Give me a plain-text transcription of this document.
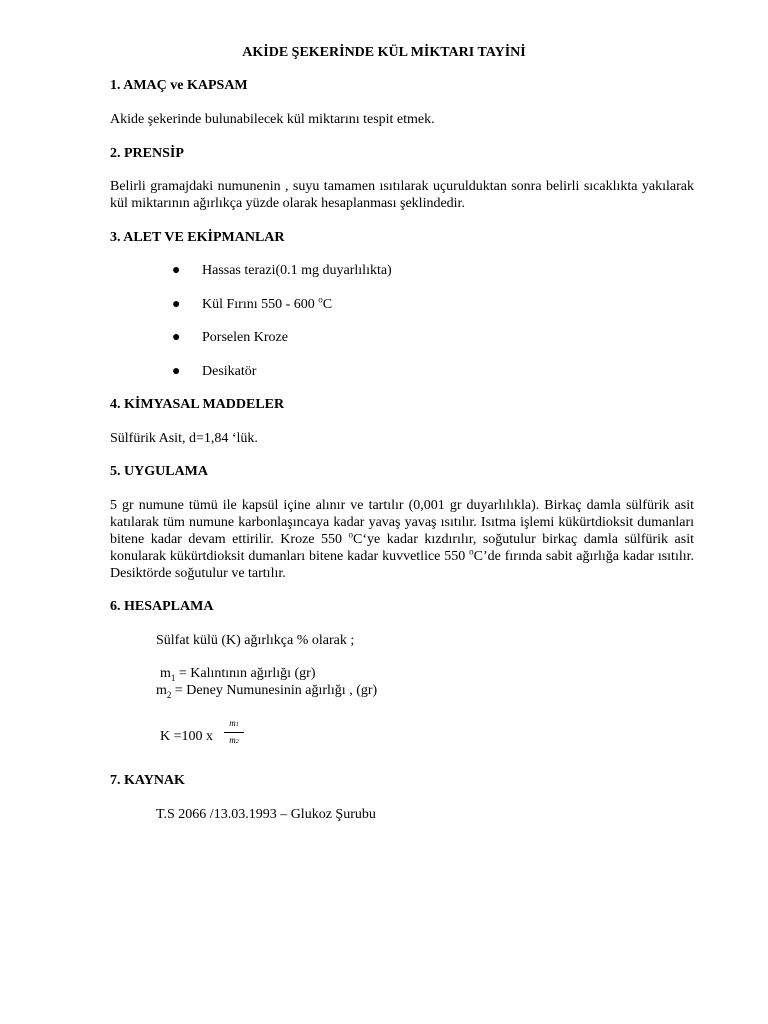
AKİDE ŞEKERİNDE KÜL MİKTARI TAYİNİ
1. AMAÇ ve KAPSAM
Akide şekerinde bulunabilecek kül miktarını tespit etmek.
2. PRENSİP
Belirli gramajdaki numunenin , suyu tamamen ısıtılarak uçurulduktan sonra belirli sıcaklıkta yakılarak kül miktarının ağırlıkça yüzde olarak hesaplanması şeklindedir.
3. ALET VE EKİPMANLAR
● Hassas terazi(0.1 mg duyarlılıkta)
● Kül Fırını 550 - 600 $^o$C
● Porselen Kroze
● Desikatör
4. KİMYASAL MADDELER
Sülfürik Asit, d=1,84 ‘lük.
5. UYGULAMA
5 gr numune tümü ile kapsül içine alınır ve tartılır (0,001 gr duyarlılıkla). Birkaç damla sülfürik asit katılarak tüm numune karbonlaşıncaya kadar yavaş yavaş ısıtılır. Isıtma işlemi kükürtdioksit dumanları bitene kadar devam ettirilir. Kroze 550 $^o$C‘ye kadar kızdırılır, soğutulur birkaç damla sülfürik asit konularak kükürtdioksit dumanları bitene kadar kuvvetlice 550 $^o$C’de fırında sabit ağırlığa kadar ısıtılır. Desiktörde soğutulur ve tartılır.
6. HESAPLAMA
Sülfat külü (K) ağırlıkça % olarak ;
$m_1$ = Kalıntının ağırlığı (gr)
$m_2$ = Deney Numunesinin ağırlığı , (gr)
K =100 x
m1
m2
7. KAYNAK
T.S 2066 /13.03.1993 – Glukoz Şurubu
